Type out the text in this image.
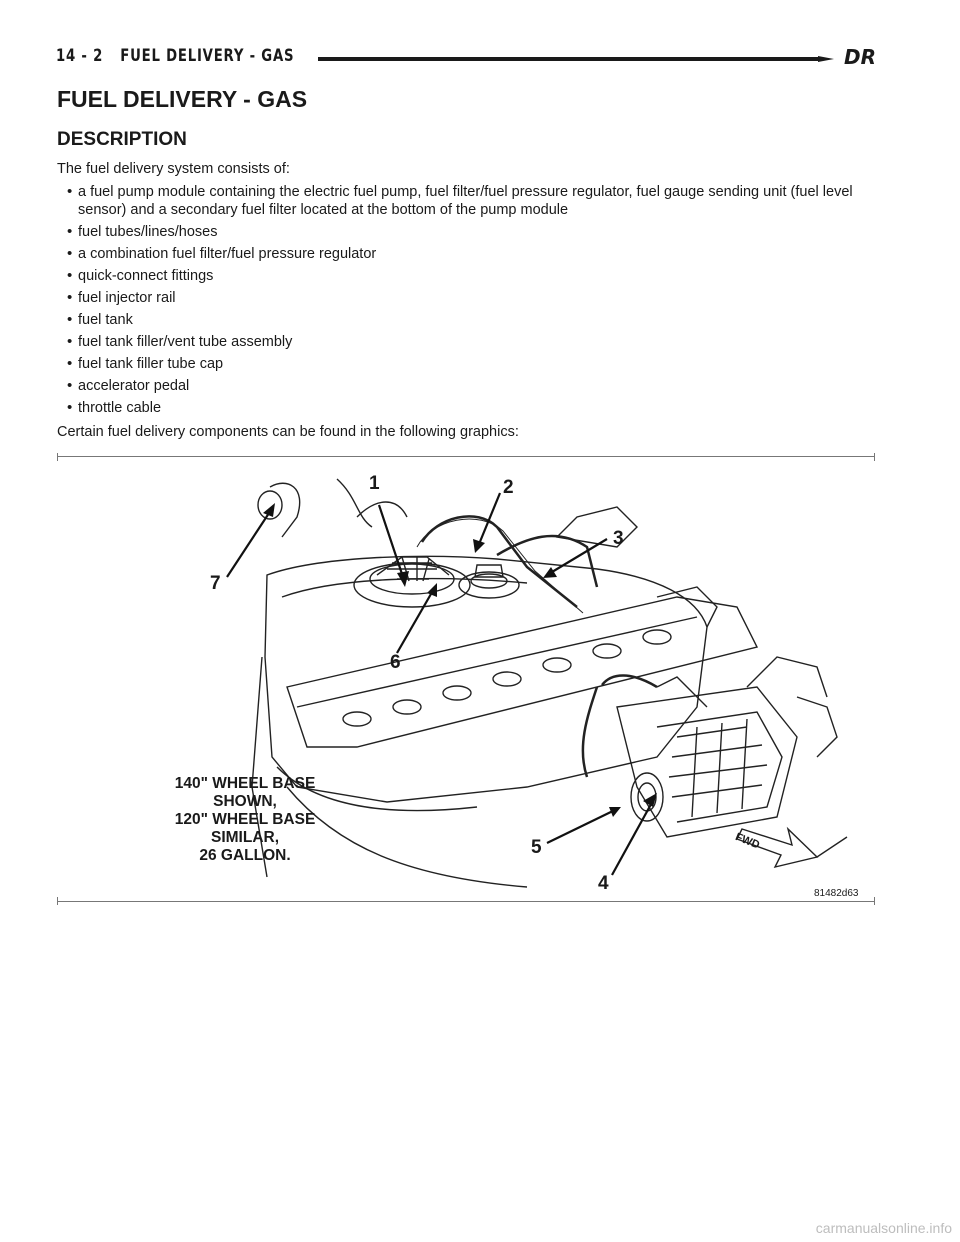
14 - 2 FUEL DELIVERY - GAS	DR
FUEL DELIVERY - GAS
DESCRIPTION

The fuel delivery system consists of:

• a fuel pump module containing the electric fuel pump, fuel filter/fuel pressure regulator, fuel gauge sending unit (fuel level sensor) and a secondary fuel filter located at the bottom of the pump module
• fuel tubes/lines/hoses
• a combination fuel filter/fuel pressure regulator
• quick-connect fittings
• fuel injector rail
• fuel tank
• fuel tank filler/vent tube assembly
• fuel tank filler tube cap
• accelerator pedal
• throttle cable

Certain fuel delivery components can be found in the following graphics:

1	2
3
4
5
6
7
FWD
140" WHEEL BASE SHOWN,
120" WHEEL BASE SIMILAR,
26 GALLON.
81482d63
carmanualsonline.info
